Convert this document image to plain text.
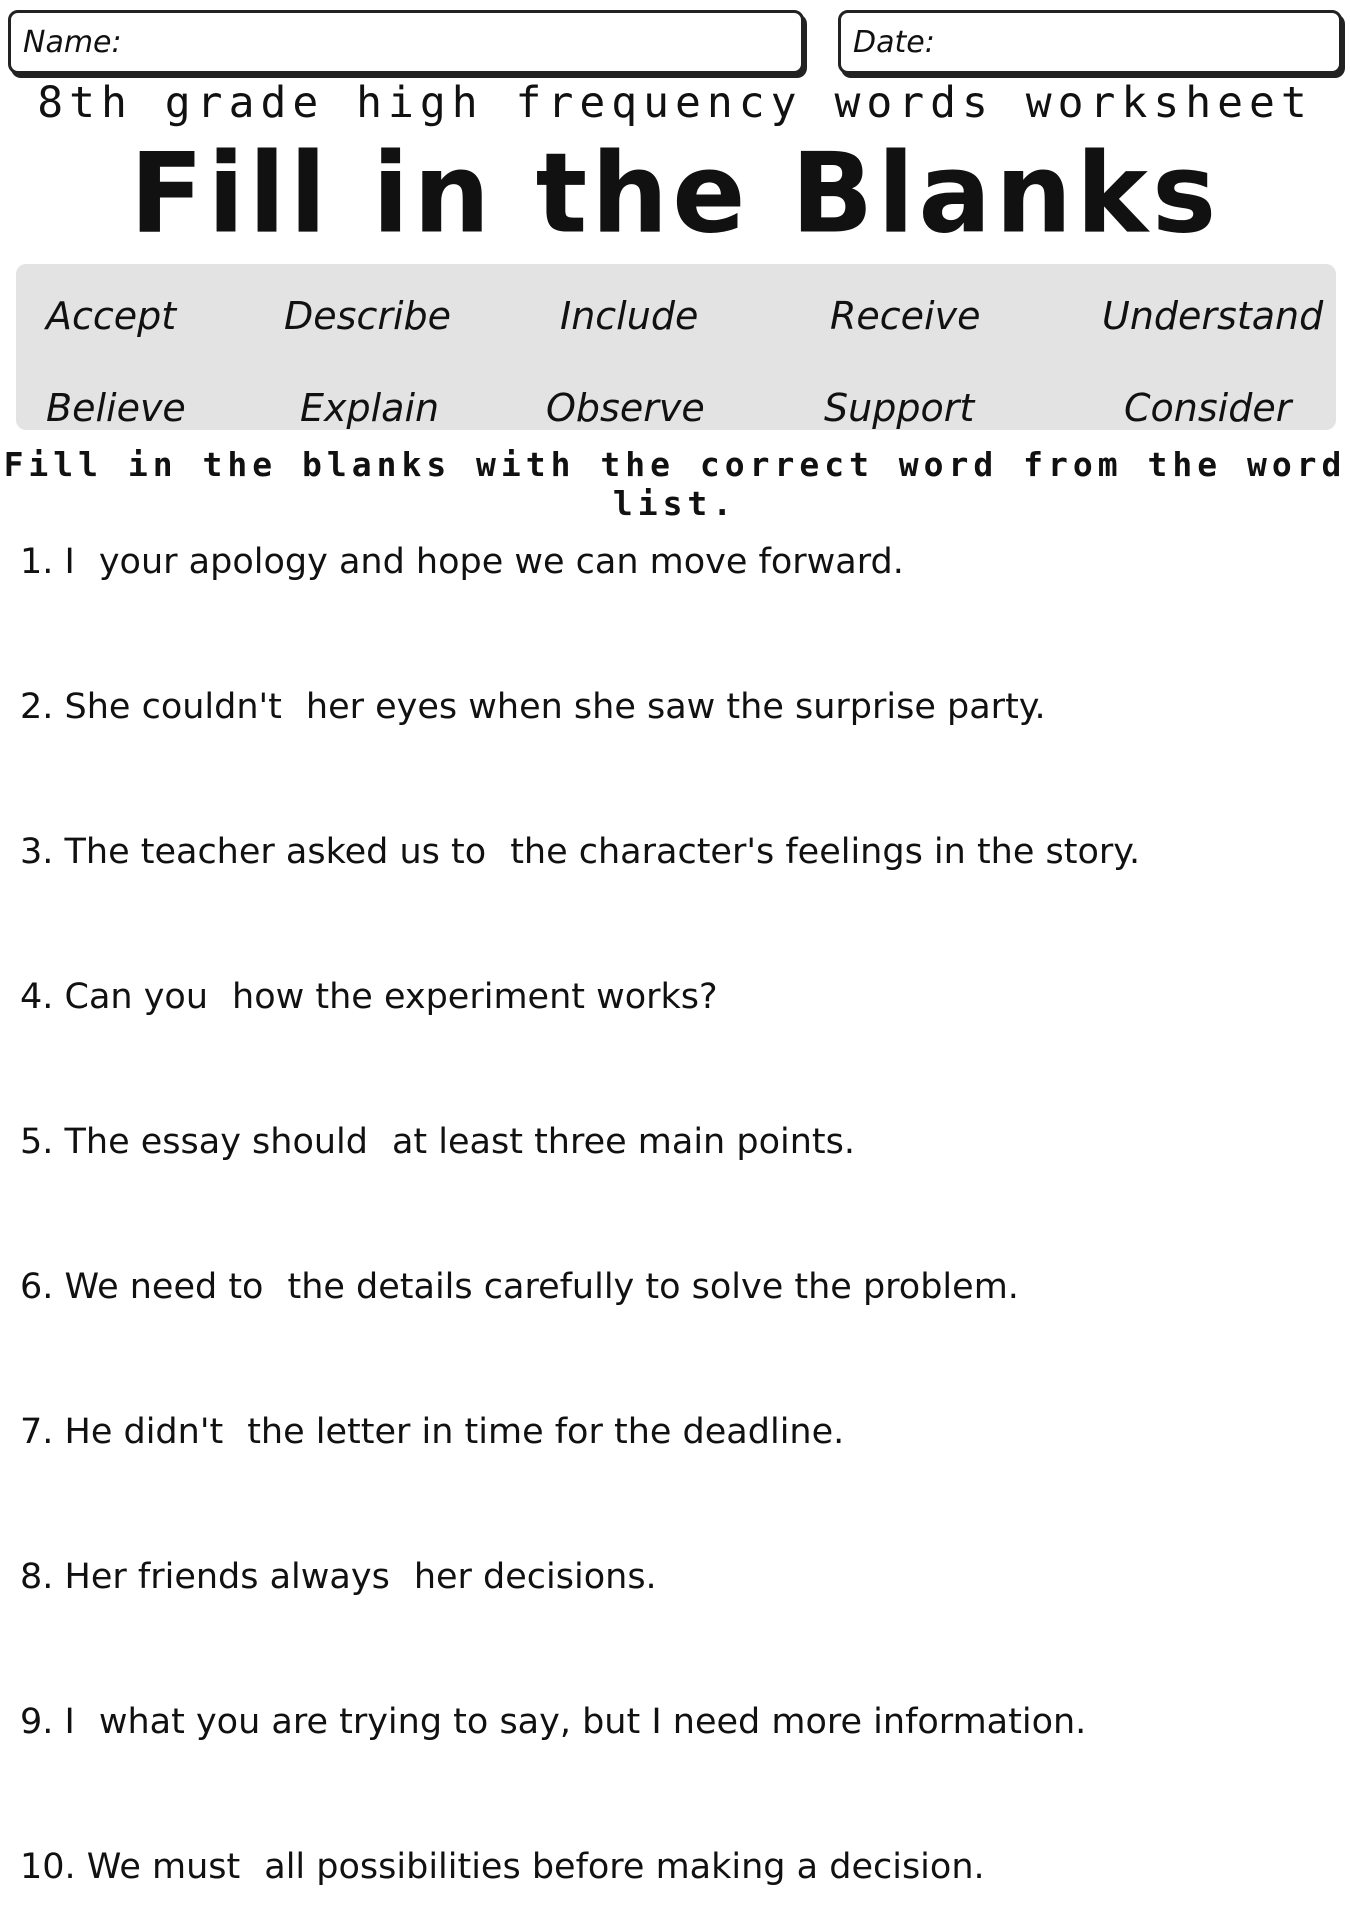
Name:	Date:
8th grade high frequency words worksheet
Fill in the Blanks
Accept	Describe	Include	Receive	Understand
Believe	Explain	Observe	Support	Consider
Fill in the blanks with the correct word from the word list.
1. I your apology and hope we can move forward.
2. She couldn't her eyes when she saw the surprise party.
3. The teacher asked us to the character's feelings in the story.
4. Can you how the experiment works?
5. The essay should at least three main points.
6. We need to the details carefully to solve the problem.
7. He didn't the letter in time for the deadline.
8. Her friends always her decisions.
9. I what you are trying to say, but I need more information.
10. We must all possibilities before making a decision.
